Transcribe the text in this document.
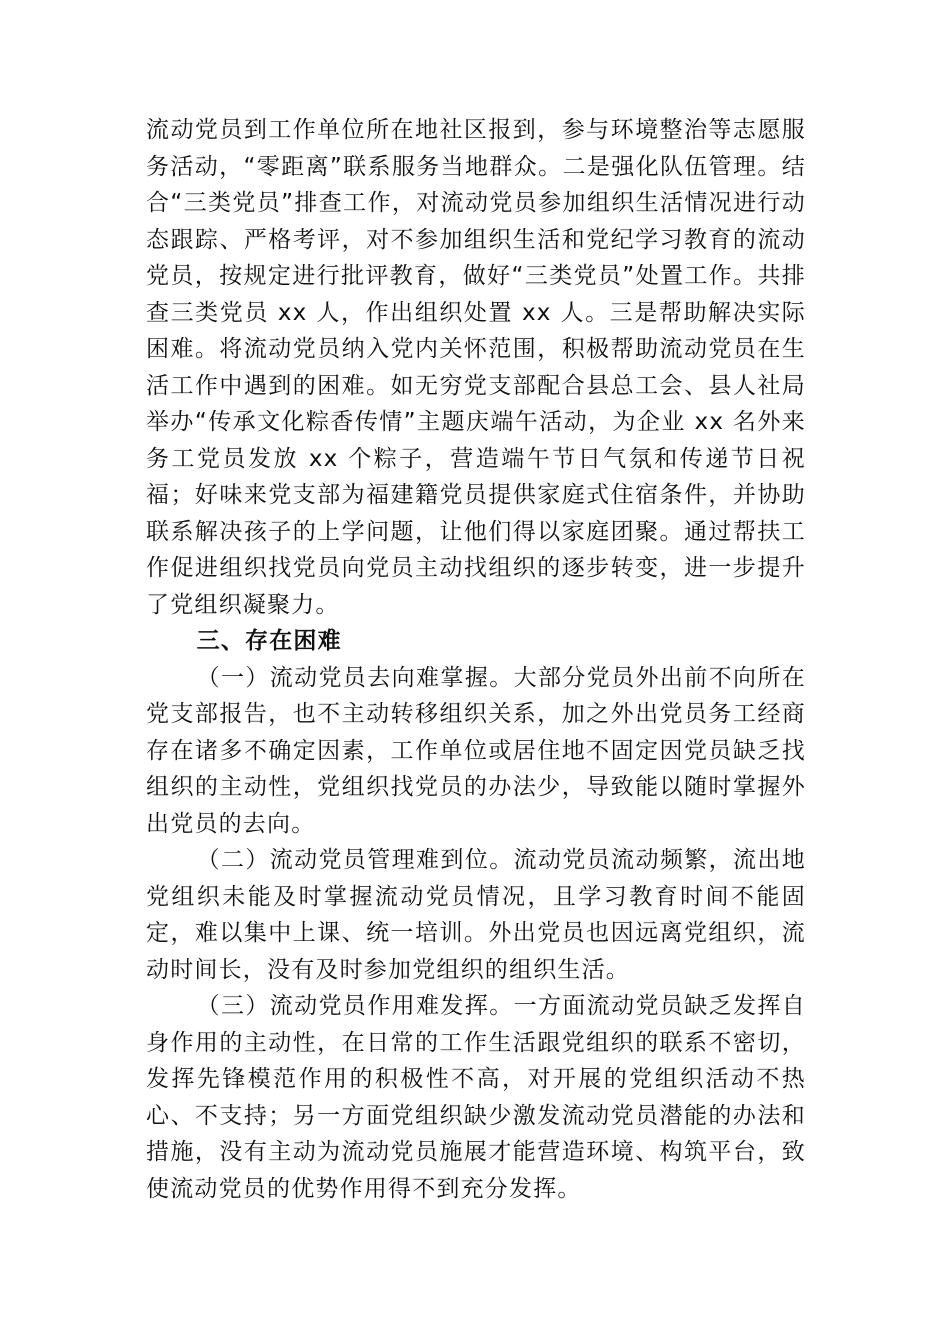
流动党员到工作单位所在地社区报到，参与环境整治等志愿服务活动，“零距离”联系服务当地群众。二是强化队伍管理。结合“三类党员”排查工作，对流动党员参加组织生活情况进行动态跟踪、严格考评，对不参加组织生活和党纪学习教育的流动党员，按规定进行批评教育，做好“三类党员”处置工作。共排查三类党员 xx 人，作出组织处置 xx 人。三是帮助解决实际困难。将流动党员纳入党内关怀范围，积极帮助流动党员在生活工作中遇到的困难。如无穷党支部配合县总工会、县人社局举办“传承文化粽香传情”主题庆端午活动，为企业 xx 名外来务工党员发放 xx 个粽子，营造端午节日气氛和传递节日祝福；好味来党支部为福建籍党员提供家庭式住宿条件，并协助联系解决孩子的上学问题，让他们得以家庭团聚。通过帮扶工作促进组织找党员向党员主动找组织的逐步转变，进一步提升了党组织凝聚力。

三、存在困难

（一）流动党员去向难掌握。大部分党员外出前不向所在党支部报告，也不主动转移组织关系，加之外出党员务工经商存在诸多不确定因素，工作单位或居住地不固定因党员缺乏找组织的主动性，党组织找党员的办法少，导致能以随时掌握外出党员的去向。

（二）流动党员管理难到位。流动党员流动频繁，流出地党组织未能及时掌握流动党员情况，且学习教育时间不能固定，难以集中上课、统一培训。外出党员也因远离党组织，流动时间长，没有及时参加党组织的组织生活。

（三）流动党员作用难发挥。一方面流动党员缺乏发挥自身作用的主动性，在日常的工作生活跟党组织的联系不密切，发挥先锋模范作用的积极性不高，对开展的党组织活动不热心、不支持；另一方面党组织缺少激发流动党员潜能的办法和措施，没有主动为流动党员施展才能营造环境、构筑平台，致使流动党员的优势作用得不到充分发挥。
